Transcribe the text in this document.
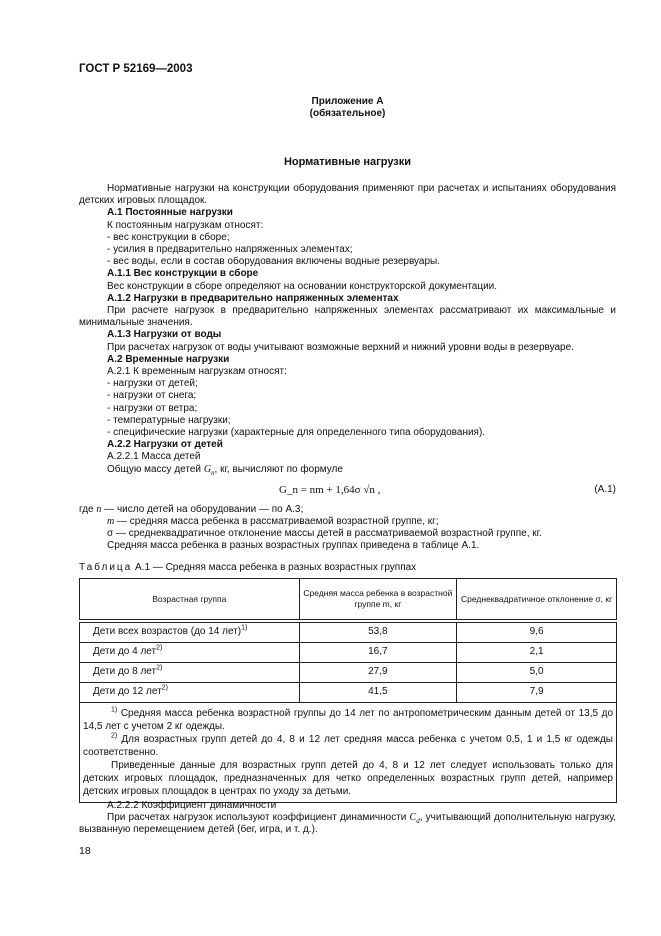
ГОСТ Р 52169—2003
Приложение А
(обязательное)
Нормативные нагрузки

Нормативные нагрузки на конструкции оборудования применяют при расчетах и испытаниях оборудования детских игровых площадок.

А.1 Постоянные нагрузки

К постоянным нагрузкам относят:

- вес конструкции в сборе;

- усилия в предварительно напряженных элементах;

- вес воды, если в состав оборудования включены водные резервуары.

А.1.1 Вес конструкции в сборе

Вес конструкции в сборе определяют на основании конструкторской документации.

А.1.2 Нагрузки в предварительно напряженных элементах

При расчете нагрузок в предварительно напряженных элементах рассматривают их максимальные и минимальные значения.

А.1.3 Нагрузки от воды

При расчетах нагрузок от воды учитывают возможные верхний и нижний уровни воды в резервуаре.

А.2 Временные нагрузки

А.2.1 К временным нагрузкам относят:

- нагрузки от детей;

- нагрузки от снега;

- нагрузки от ветра;

- температурные нагрузки;

- специфические нагрузки (характерные для определенного типа оборудования).

А.2.2 Нагрузки от детей

А.2.2.1 Масса детей

Общую массу детей $G_n$, кг, вычисляют по формуле

G_n = nm + 1,64σ √n ,	(А.1)

где n — число детей на оборудовании — по А.3;

m — средняя масса ребенка в рассматриваемой возрастной группе, кг;

σ — среднеквадратичное отклонение массы детей в рассматриваемой возрастной группе, кг.

Средняя масса ребенка в разных возрастных группах приведена в таблице А.1.

Таблица А.1 — Средняя масса ребенка в разных возрастных группах
Возрастная группа	Средняя масса ребенка в возрастной группе m, кг	Среднеквадратичное отклонение σ, кг

Дети всех возрастов (до 14 лет)$^{1)}$	53,8	9,6
Дети до 4 лет$^{2)}$	16,7	2,1
Дети до 8 лет$^{2)}$	27,9	5,0
Дети до 12 лет$^{2)}$	41,5	7,9

$^{1)}$ Средняя масса ребенка возрастной группы до 14 лет по антропометрическим данным детей от 13,5 до 14,5 лет с учетом 2 кг одежды.

$^{2)}$ Для возрастных групп детей до 4, 8 и 12 лет средняя масса ребенка с учетом 0,5, 1 и 1,5 кг одежды соответственно.

Приведенные данные для возрастных групп детей до 4, 8 и 12 лет следует использовать только для детских игровых площадок, предназначенных для четко определенных возрастных групп детей, например детских игровых площадок в центрах по уходу за детьми.		

А.2.2.2 Коэффициент динамичности

При расчетах нагрузок используют коэффициент динамичности $C_d$, учитывающий дополнительную нагрузку, вызванную перемещением детей (бег, игра, и т. д.).

18
